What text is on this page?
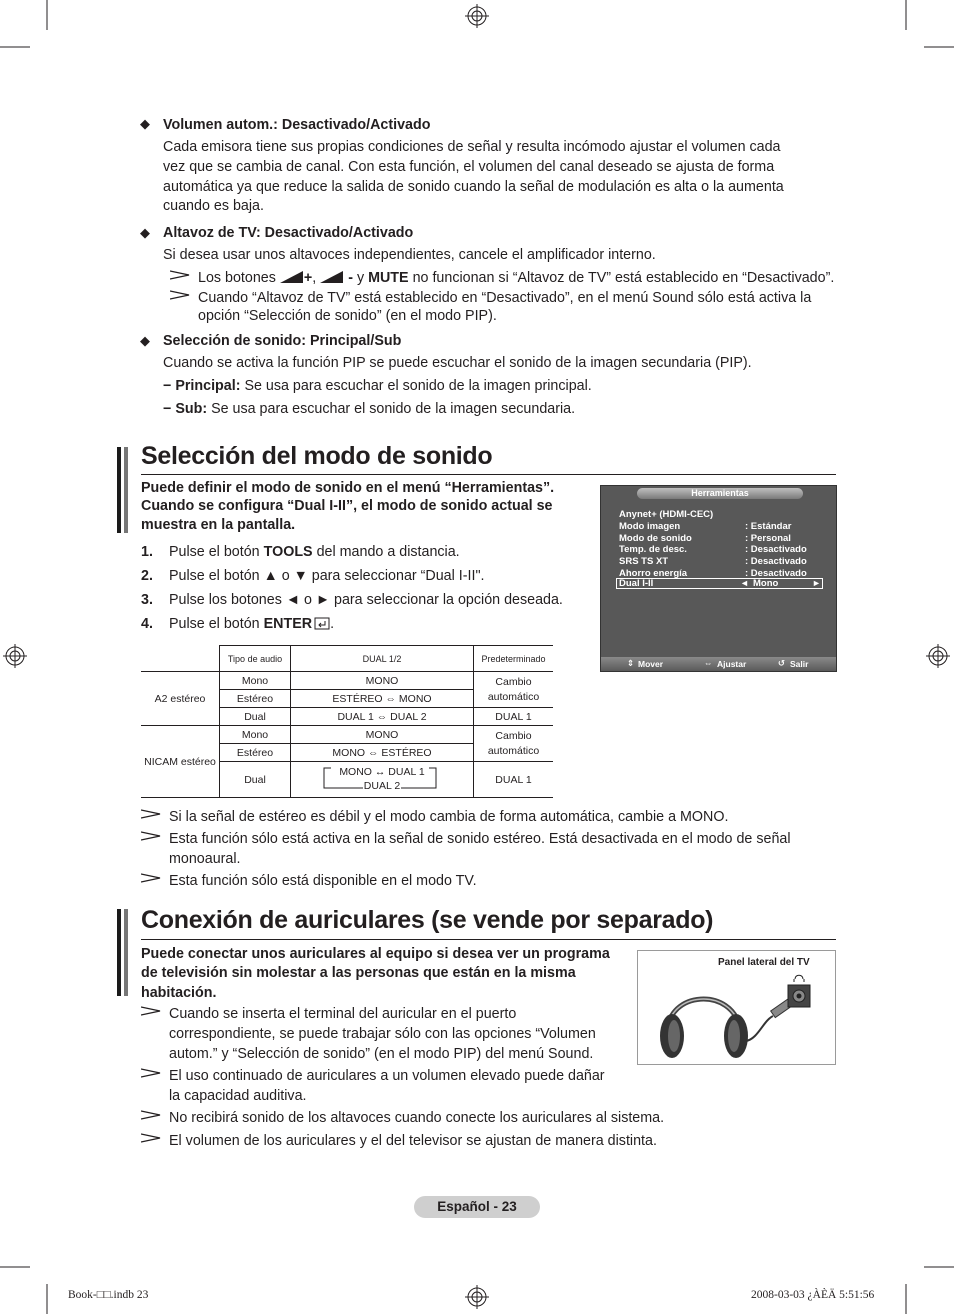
◆ Volumen autom.: Desactivado/Activado
Cada emisora tiene sus propias condiciones de señal y resulta incómodo ajustar el volumen cada
vez que se cambia de canal. Con esta función, el volumen del canal deseado se ajusta de forma
automática ya que reduce la salida de sonido cuando la señal de modulación es alta o la aumenta
cuando es baja.
◆ Altavoz de TV: Desactivado/Activado
Si desea usar unos altavoces independientes, cancele el amplificador interno.
Los botones +,  - y MUTE no funcionan si “Altavoz de TV” está establecido en “Desactivado”.
Cuando “Altavoz de TV” está establecido en “Desactivado”, en el menú Sound sólo está activa la
opción “Selección de sonido” (en el modo PIP).
◆ Selección de sonido: Principal/Sub
Cuando se activa la función PIP se puede escuchar el sonido de la imagen secundaria (PIP).
− Principal: Se usa para escuchar el sonido de la imagen principal.
− Sub: Se usa para escuchar el sonido de la imagen secundaria.
Selección del modo de sonido
Puede definir el modo de sonido en el menú “Herramientas”.
Cuando se configura “Dual I-II”, el modo de sonido actual se
muestra en la pantalla.
1. Pulse el botón TOOLS del mando a distancia.
2. Pulse el botón ▲ o ▼ para seleccionar “Dual I-II".
3. Pulse los botones ◄ o ► para seleccionar la opción deseada.
4. Pulse el botón ENTER .
Herramientas
Anynet+ (HDMI-CEC)
Modo imagen	: Estándar
Modo de sonido	: Personal
Temp. de desc.	: Desactivado
SRS TS XT	: Desactivado
Ahorro energía	: Desactivado
Dual I-II	◄ Mono	►
⇕ Mover	⇔ Ajustar	↺ Salir
	Tipo de audio	DUAL 1/2	Predeterminado
A2 estéreo	Mono	MONO	Cambio
automático
	Estéreo	ESTÉREO ⇔ MONO	
	Dual	DUAL 1 ⇔ DUAL 2	DUAL 1
NICAM estéreo	Mono	MONO	Cambio
automático
	Estéreo	MONO ⇔ ESTÉREO	
	Dual	MONO ↔ DUAL 1
DUAL 2	DUAL 1
Si la señal de estéreo es débil y el modo cambia de forma automática, cambie a MONO.
Esta función sólo está activa en la señal de sonido estéreo. Está desactivada en el modo de señal
monoaural.
Esta función sólo está disponible en el modo TV.
Conexión de auriculares (se vende por separado)
Puede conectar unos auriculares al equipo si desea ver un programa
de televisión sin molestar a las personas que están en la misma
habitación.
Cuando se inserta el terminal del auricular en el puerto
correspondiente, se puede trabajar sólo con las opciones “Volumen
autom.” y “Selección de sonido” (en el modo PIP) del menú Sound.
El uso continuado de auriculares a un volumen elevado puede dañar
la capacidad auditiva.
No recibirá sonido de los altavoces cuando conecte los auriculares al sistema.
El volumen de los auriculares y el del televisor se ajustan de manera distinta.
Panel lateral del TV
Español - 23
Book-□□.indb 23	2008-03-03 ¿ÀÈÄ 5:51:56
